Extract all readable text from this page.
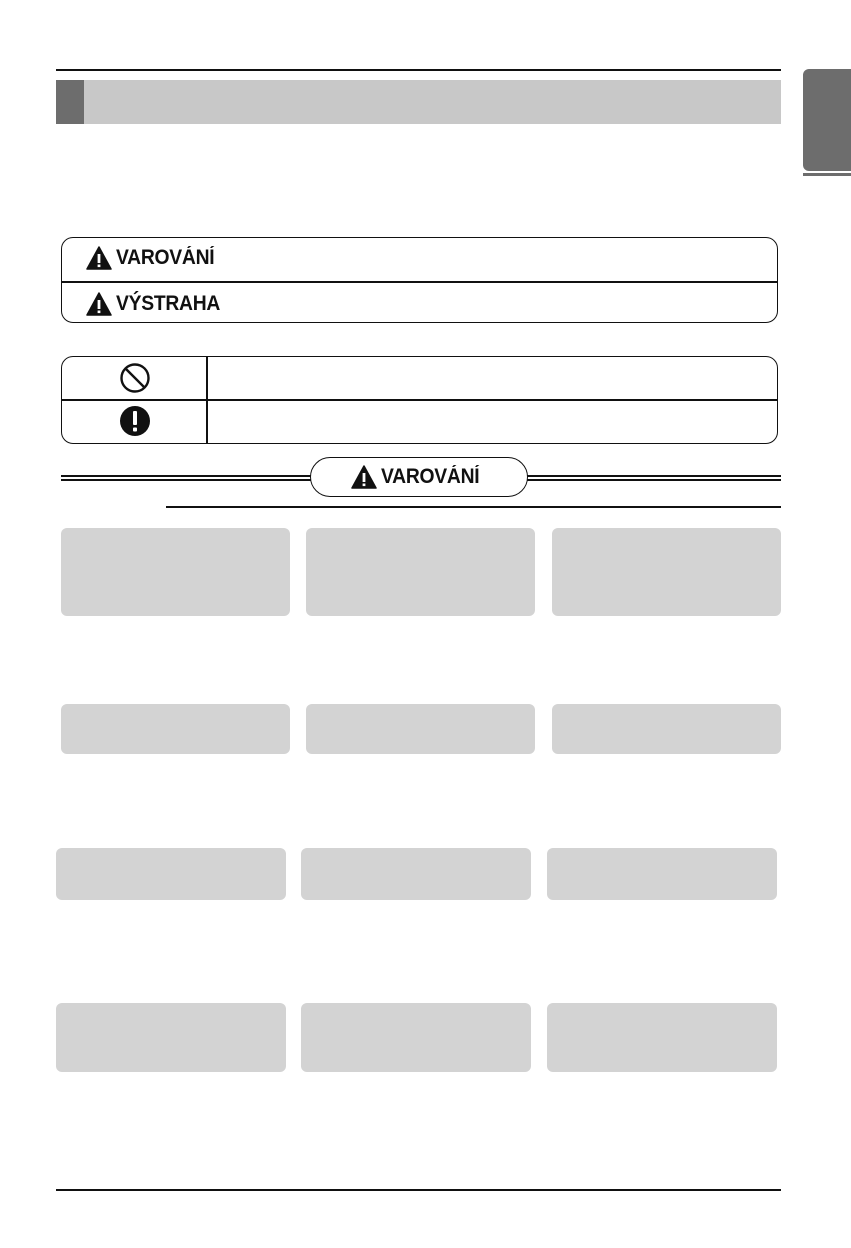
VAROVÁNÍ
VÝSTRAHA
VAROVÁNÍ
